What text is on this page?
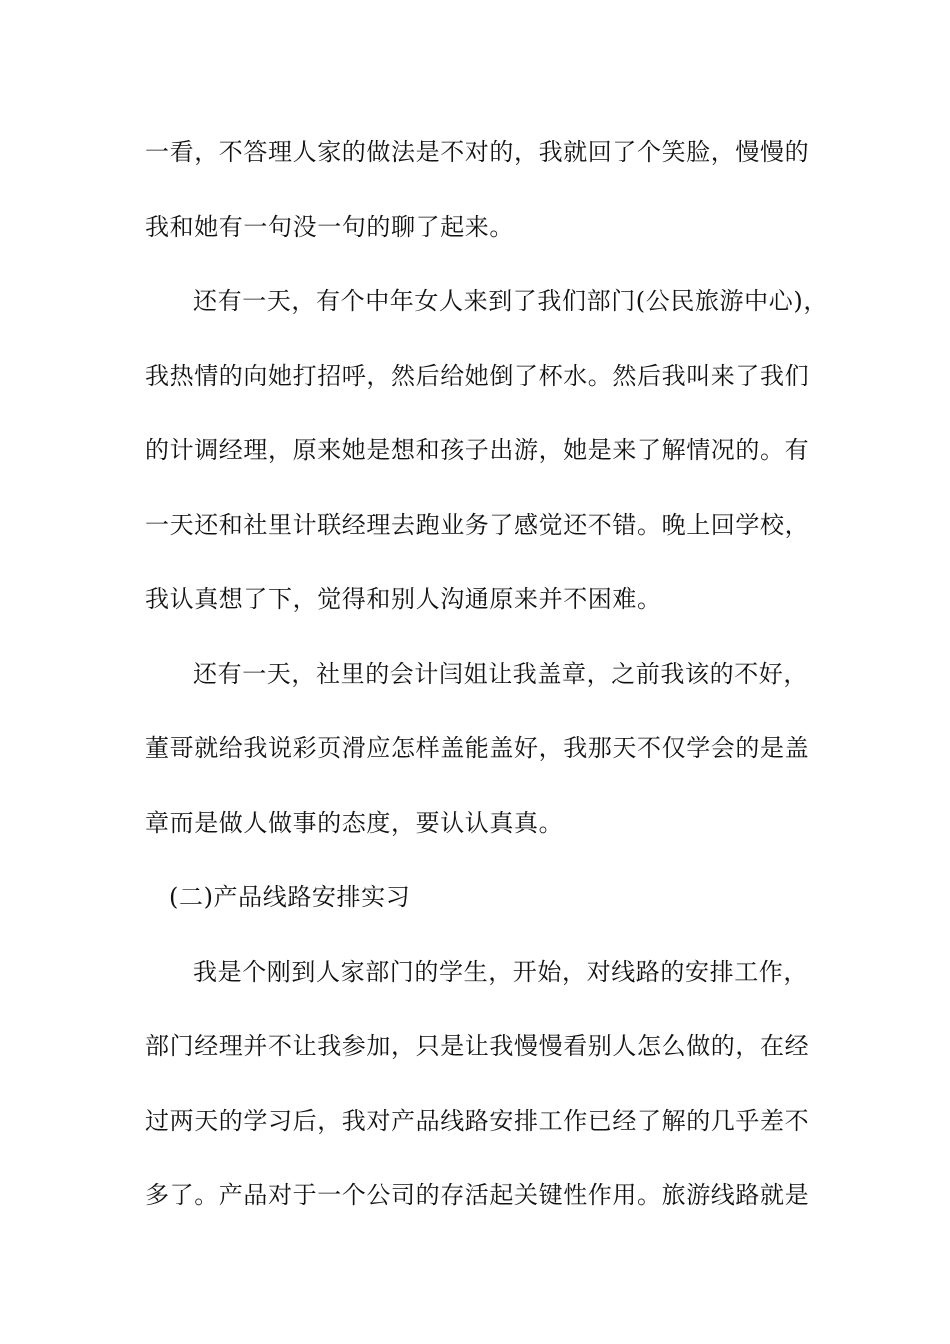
一看，不答理人家的做法是不对的，我就回了个笑脸，慢慢的
我和她有一句没一句的聊了起来。
还有一天，有个中年女人来到了我们部门(公民旅游中心)，
我热情的向她打招呼，然后给她倒了杯水。然后我叫来了我们
的计调经理，原来她是想和孩子出游，她是来了解情况的。有
一天还和社里计联经理去跑业务了感觉还不错。晚上回学校，
我认真想了下，觉得和别人沟通原来并不困难。
还有一天，社里的会计闫姐让我盖章，之前我该的不好，
董哥就给我说彩页滑应怎样盖能盖好，我那天不仅学会的是盖
章而是做人做事的态度，要认认真真。
(二)产品线路安排实习
我是个刚到人家部门的学生，开始，对线路的安排工作，
部门经理并不让我参加，只是让我慢慢看别人怎么做的，在经
过两天的学习后，我对产品线路安排工作已经了解的几乎差不
多了。产品对于一个公司的存活起关键性作用。旅游线路就是
